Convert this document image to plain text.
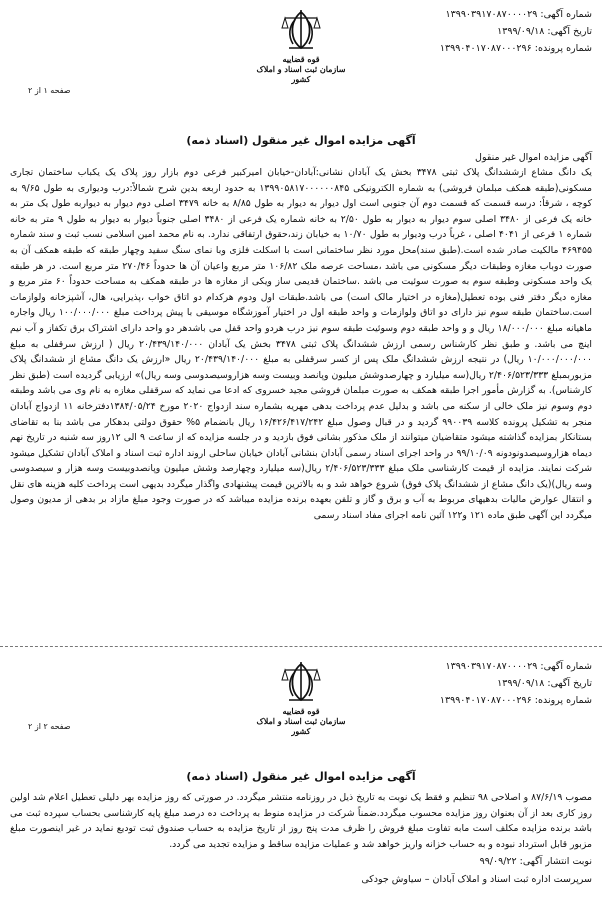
شماره آگهی: ۱۳۹۹۰۳۹۱۷۰۸۷۰۰۰۰۲۹
تاریخ آگهی: ۱۳۹۹/۰۹/۱۸
شماره پرونده: ۱۳۹۹۰۴۰۱۷۰۸۷۰۰۰۲۹۶
قوه قضاییه
سازمان ثبت اسناد و املاک کشور
صفحه ۱ از ۲
آگهی مزایده اموال غیر منقول (اسناد ذمه)
آگهی مزایده اموال غیر منقول
یک دانگ مشاع ازششدانگ پلاک ثبتی ۳۴۷۸ بخش یک آبادان نشانی:آبادان-خیابان امیرکبیر فرعی دوم بازار روز پلاک یک یکباب ساختمان تجاری مسکونی(طبقه همکف مبلمان فروشی) به شماره الکترونیکی ۱۳۹۹۰۵۸۱۷۰۰۰۰۰۰۸۴۵ به حدود اربعه بدین شرح شمالاً:درب ودیواری به طول ۹/۶۵ به کوچه ، شرقاً: درسه قسمت که قسمت دوم آن جنوبی است اول دیوار به دیوار به طول ۸/۸۵ به خانه ۳۴۷۹ اصلی دوم دیوار به دیواربه طول یک متر به خانه یک فرعی از ۳۴۸۰ اصلی سوم دیوار به دیوار به طول ۲/۵۰ به خانه شماره یک فرعی از ۳۴۸۰ اصلی جنوباً دیوار به دیوار به طول ۹ متر به خانه شماره ۱ فرعی از ۴۰۴۱ اصلی ، غرباً درب ودیوار به طول ۱۰/۷۰ به خیابان زند،حقوق ارتفاقی ندارد. به نام محمد امین اسلامی نسب ثبت و سند شماره ۴۶۹۴۵۵ مالکیت صادر شده است.(طبق سند)محل مورد نظر ساختمانی است با اسکلت فلزی وبا نمای سنگ سفید وچهار طبقه که طبقه همکف آن به صورت دوباب مغازه وطبقات دیگر مسکونی می باشد ،مساحت عرصه ملک ۱۰۶/۸۲ متر مربع واعیان آن ها حدوداً ۲۷۰/۴۶ متر مربع است. در هر طبقه یک واحد مسکونی وطبقه سوم به صورت سوئیت می باشد .ساختمان قدیمی ساز ویکی از مغازه ها در طبقه همکف به مساحت حدوداً ۶۰ متر مربع و مغازه دیگر دفتر فنی بوده تعطیل(مغازه در اختیار مالک است) می باشد.طبقات اول ودوم هرکدام دو اتاق خواب ،پذیرایی، هال، آشپزخانه ولوازمات است.ساختمان طبقه سوم نیز دارای دو اتاق ولوازمات و واحد طبقه اول در اختیار آموزشگاه موسیقی با پیش پرداخت مبلغ ۱۰۰/۰۰۰/۰۰۰ ریال واجاره ماهیانه مبلغ ۱۸/۰۰۰/۰۰۰ ریال و و واحد طبقه دوم وسوئیت طبقه سوم نیز درب هردو واحد قفل می باشدهر دو واحد دارای اشتراک برق تکفاز و آب نیم اینچ می باشد. و طبق نظر کارشناس رسمی ارزش ششدانگ پلاک ثبتی ۳۴۷۸ بخش یک آبادان ۲۰/۴۳۹/۱۴۰/۰۰۰ ریال ( ارزش سرقفلی به مبلغ ۱۰/۰۰۰/۰۰۰/۰۰۰ ریال) در نتیجه ارزش ششدانگ ملک پس از کسر سرقفلی به مبلغ ۲۰/۴۳۹/۱۴۰/۰۰۰ ریال «ارزش یک دانگ مشاع از ششدانگ پلاک مزبوربمبلغ ۲/۴۰۶/۵۲۳/۳۳۳ ریال(سه میلیارد و چهارصدوشش میلیون وپانصد وبیست وسه هزاروسیصدوسی وسه ریال)» ارزیابی گردیده است (طبق نظر کارشناس). به گزارش مأمور اجرا طبقه همکف به صورت مبلمان فروشی مجید خسروی که ادعا می نماید که سرقفلی مغازه به نام وی می باشد وطبقه دوم وسوم نیز ملک خالی از سکنه می باشد و بدلیل عدم پرداخت بدهی مهریه بشماره سند ازدواج ۲۰۲۰ مورخ ۱۳۸۴/۰۵/۲۴دفترخانه ۱۱ ازدواج آبادان منجر به تشکیل پرونده کلاسه ۹۹۰۰۳۹ گردید و در قبال وصول مبلغ ۱۶/۴۲۶/۴۱۷/۲۴۲ ریال بانضمام ۵% حقوق دولتی بدهکار می باشد بنا به تقاضای بستانکار بمزایده گذاشته میشود متقاضیان میتوانند از ملک مذکور بشانی فوق بازدید و در جلسه مزایده که از ساعت ۹ الی ۱۲روز سه شنبه در تاریخ نهم دیماه هزاروسیصدونودونه ۹۹/۱۰/۰۹ در واحد اجرای اسناد رسمی آبادان بنشانی آبادان خیابان ساحلی اروند اداره ثبت اسناد و املاک آبادان تشکیل میشود شرکت نمایند. مزایده از قیمت کارشناسی ملک مبلغ ۲/۴۰۶/۵۲۳/۳۳۳ ریال(سه میلیارد وچهارصد وشش میلیون وپانصدوبیست وسه هزار و سیصدوسی وسه ریال)(یک دانگ مشاع از ششدانگ پلاک فوق) شروع خواهد شد و به بالاترین قیمت پیشنهادی واگذار میگردد بدیهی است پرداخت کلیه هزینه های نقل و انتقال عوارض مالیات بدهیهای مربوط به آب و برق و گاز و تلفن بعهده برنده مزایده میباشد که در صورت وجود مبلغ مازاد بر بدهی از مدیون وصول میگردد این آگهی طبق ماده ۱۲۱ و۱۲۲ آئین نامه اجرای مفاد اسناد رسمی
شماره آگهی: ۱۳۹۹۰۳۹۱۷۰۸۷۰۰۰۰۲۹
تاریخ آگهی: ۱۳۹۹/۰۹/۱۸
شماره پرونده: ۱۳۹۹۰۴۰۱۷۰۸۷۰۰۰۲۹۶
قوه قضاییه
سازمان ثبت اسناد و املاک کشور
صفحه ۲ از ۲
آگهی مزایده اموال غیر منقول (اسناد ذمه)
مصوب ۸۷/۶/۱۹ و اصلاحی ۹۸ تنظیم و فقط یک نوبت به تاریخ ذیل در روزنامه منتشر میگردد. در صورتی که روز مزایده بهر دلیلی تعطیل اعلام شد اولین روز کاری بعد از آن بعنوان روز مزایده محسوب میگردد.ضمناً شرکت در مزایده منوط به پرداخت ده درصد مبلغ پایه کارشناسی بحساب سپرده ثبت می باشد برنده مزایده مکلف است مابه تفاوت مبلغ فروش را ظرف مدت پنج روز از تاریخ مزایده به حساب صندوق ثبت تودیع نماید در غیر اینصورت مبلغ مزبور قابل استرداد نبوده و به حساب خزانه واریز خواهد شد و عملیات مزایده ساقط و مزایده تجدید می گردد.
نوبت انتشار آگهی: ۹۹/۰۹/۲۲
سرپرست اداره ثبت اسناد و املاک آبادان – سیاوش جودکی
